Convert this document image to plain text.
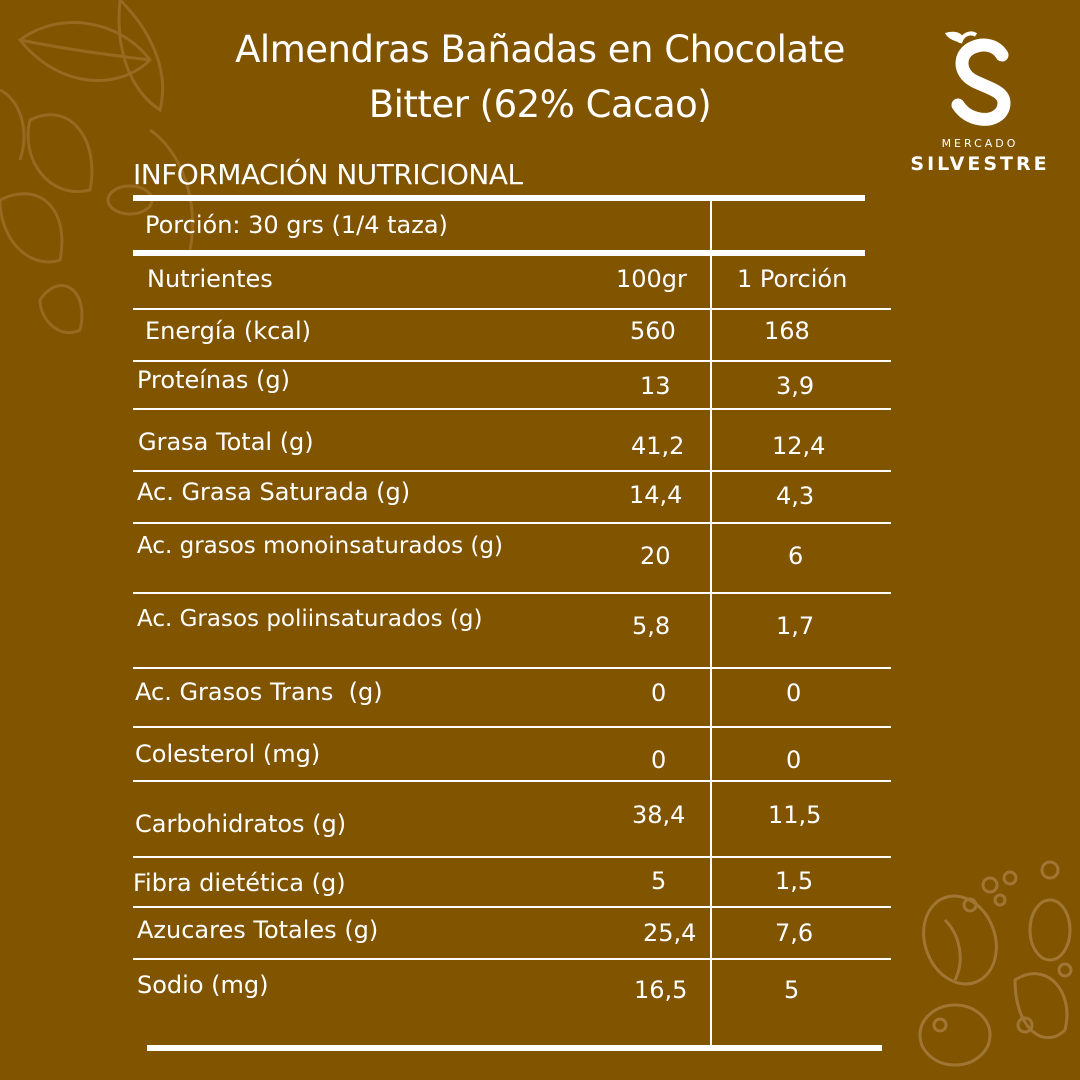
Almendras Bañadas en Chocolate
Bitter (62% Cacao)
MERCADO
SILVESTRE
INFORMACIÓN NUTRICIONAL
Porción: 30 grs (1/4 taza)
Nutrientes	100gr 1 Porción
Energía (kcal)	560	168
Proteínas (g)	13	3,9
Grasa Total (g)	41,2	12,4
Ac. Grasa Saturada (g)	14,4	4,3
Ac. grasos monoinsaturados (g)	20	6
Ac. Grasos poliinsaturados (g)	5,8	1,7
Ac. Grasos Trans  (g)	0	0
Colesterol (mg)	0	0
Carbohidratos (g)	38,4	11,5
Fibra dietética (g)	5	1,5
Azucares Totales (g)	25,4	7,6
Sodio (mg)	16,5	5
